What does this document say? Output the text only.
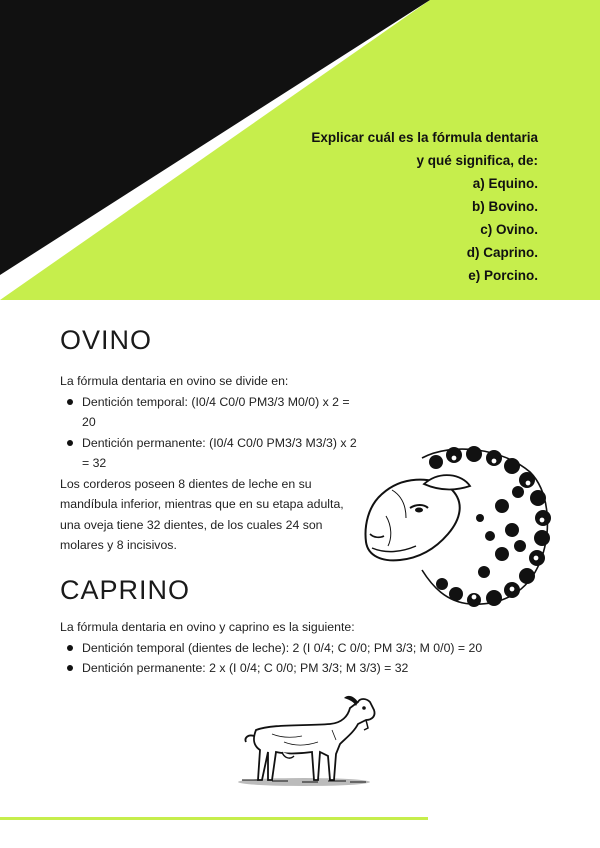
Explicar cuál es la fórmula dentaria
y qué significa, de:
a) Equino.
b) Bovino.
c) Ovino.
d) Caprino.
e) Porcino.
OVINO
La fórmula dentaria en ovino se divide en:
Dentición temporal: (I0/4 C0/0 PM3/3 M0/0) x 2 = 20
Dentición permanente: (I0/4 C0/0 PM3/3 M3/3) x 2 = 32
Los corderos poseen 8 dientes de leche en su mandíbula inferior, mientras que en su etapa adulta, una oveja tiene 32 dientes, de los cuales 24 son molares y 8 incisivos.
CAPRINO
La fórmula dentaria en ovino y caprino es la siguiente:
Dentición temporal (dientes de leche): 2 (I 0/4; C 0/0; PM 3/3; M 0/0) = 20
Dentición permanente: 2 x (I 0/4; C 0/0; PM 3/3; M 3/3) = 32
